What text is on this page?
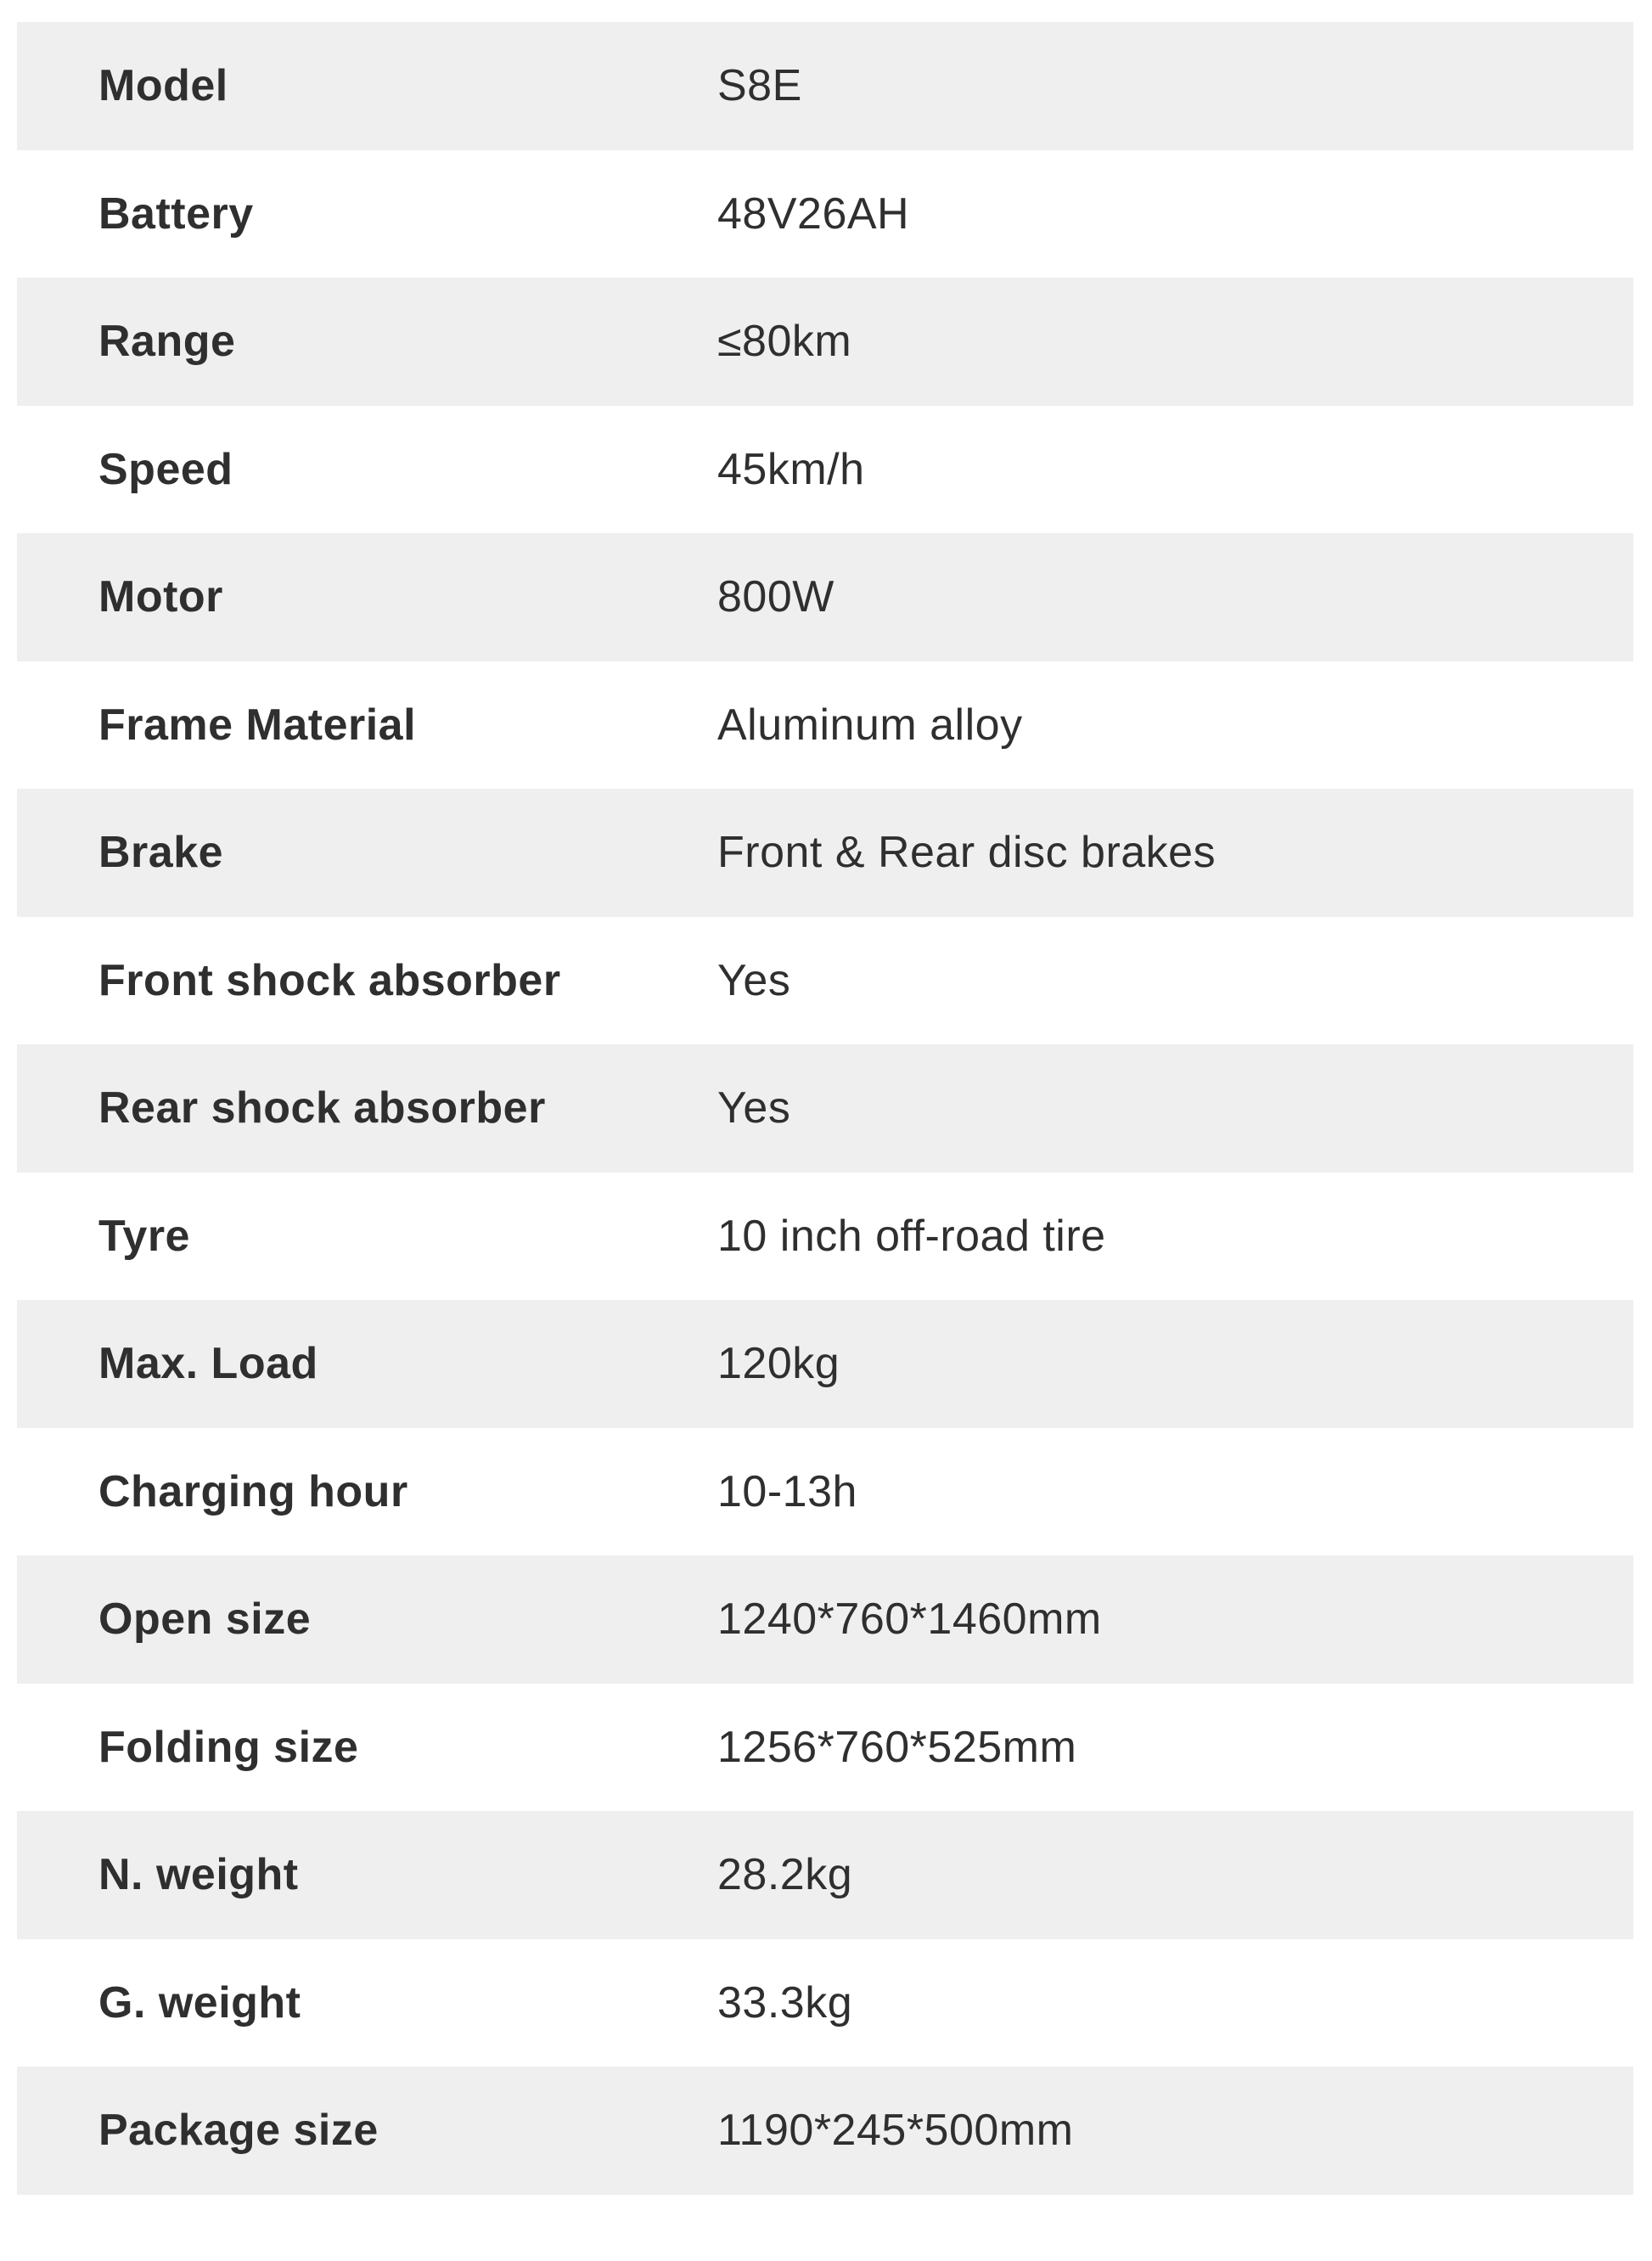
Model	S8E
Battery	48V26AH
Range	≤80km
Speed	45km/h
Motor	800W
Frame Material	Aluminum alloy
Brake	Front & Rear disc brakes
Front shock absorber	Yes
Rear shock absorber	Yes
Tyre	10 inch off-road tire
Max. Load	120kg
Charging hour	10-13h
Open size	1240*760*1460mm
Folding size	1256*760*525mm
N. weight	28.2kg
G. weight	33.3kg
Package size	1190*245*500mm
